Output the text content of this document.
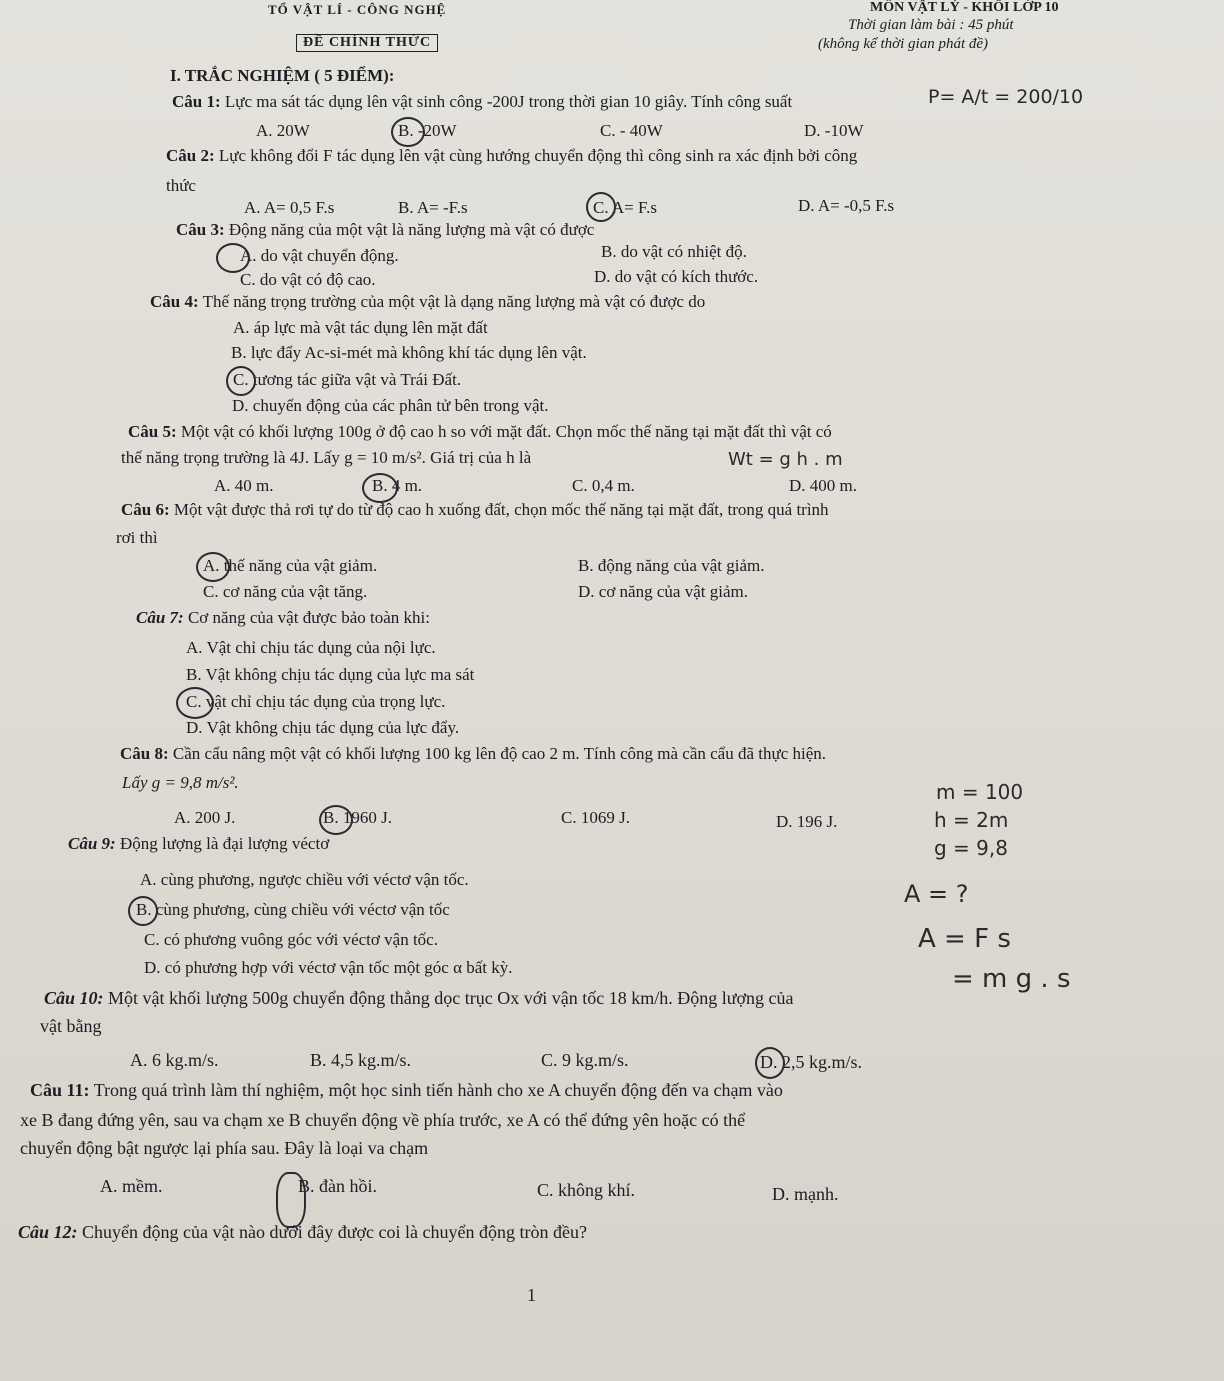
TỔ VẬT LÍ - CÔNG NGHỆ
ĐỀ CHÍNH THỨC
MÔN VẬT LÝ - KHỐI LỚP 10
Thời gian làm bài : 45 phút
(không kể thời gian phát đề)
I. TRẮC NGHIỆM ( 5 ĐIỂM):
Câu 1: Lực ma sát tác dụng lên vật sinh công -200J trong thời gian 10 giây. Tính công suất
A. 20W	B. -20W	C. - 40W	D. -10W
P= A/t = 200/10
Câu 2: Lực không đổi F tác dụng lên vật cùng hướng chuyển động thì công sinh ra xác định bởi công
thức
A. A= 0,5 F.s	B. A= -F.s	C. A= F.s	D. A= -0,5 F.s
Câu 3: Động năng của một vật là năng lượng mà vật có được
A. do vật chuyển động.	B. do vật có nhiệt độ.
C. do vật có độ cao.	D. do vật có kích thước.
Câu 4: Thế năng trọng trường của một vật là dạng năng lượng mà vật có được do
A. áp lực mà vật tác dụng lên mặt đất
B. lực đẩy Ac-si-mét mà không khí tác dụng lên vật.
C. tương tác giữa vật và Trái Đất.
D. chuyển động của các phân tử bên trong vật.
Câu 5: Một vật có khối lượng 100g ở độ cao h so với mặt đất. Chọn mốc thế năng tại mặt đất thì vật có
thế năng trọng trường là 4J. Lấy g = 10 m/s². Giá trị của h là	Wt = g h . m
A. 40 m.	B. 4 m.	C. 0,4 m.	D. 400 m.
Câu 6: Một vật được thả rơi tự do từ độ cao h xuống đất, chọn mốc thế năng tại mặt đất, trong quá trình
rơi thì
A. thế năng của vật giảm.	B. động năng của vật giảm.
C. cơ năng của vật tăng.	D. cơ năng của vật giảm.
Câu 7: Cơ năng của vật được bảo toàn khi:
A. Vật chỉ chịu tác dụng của nội lực.
B. Vật không chịu tác dụng của lực ma sát
C. vật chỉ chịu tác dụng của trọng lực.
D. Vật không chịu tác dụng của lực đẩy.
Câu 8: Cần cẩu nâng một vật có khối lượng 100 kg lên độ cao 2 m. Tính công mà cần cẩu đã thực hiện.
Lấy g = 9,8 m/s².
A. 200 J.	B. 1960 J.	C. 1069 J.	D. 196 J.
m = 100
h = 2m
g = 9,8
Câu 9: Động lượng là đại lượng véctơ
A. cùng phương, ngược chiều với véctơ vận tốc.
B. cùng phương, cùng chiều với véctơ vận tốc
C. có phương vuông góc với véctơ vận tốc.
D. có phương hợp với véctơ vận tốc một góc α bất kỳ.
A = ?
A = F s
= m g . s
Câu 10: Một vật khối lượng 500g chuyển động thẳng dọc trục Ox với vận tốc 18 km/h. Động lượng của
vật bằng
A. 6 kg.m/s.	B. 4,5 kg.m/s.	C. 9 kg.m/s.	D. 2,5 kg.m/s.
Câu 11: Trong quá trình làm thí nghiệm, một học sinh tiến hành cho xe A chuyển động đến va chạm vào
xe B đang đứng yên, sau va chạm xe B chuyển động về phía trước, xe A có thể đứng yên hoặc có thể
chuyển động bật ngược lại phía sau. Đây là loại va chạm
A. mềm.	B. đàn hồi.	C. không khí.	D. mạnh.
Câu 12: Chuyển động của vật nào dưới đây được coi là chuyển động tròn đều?
1
